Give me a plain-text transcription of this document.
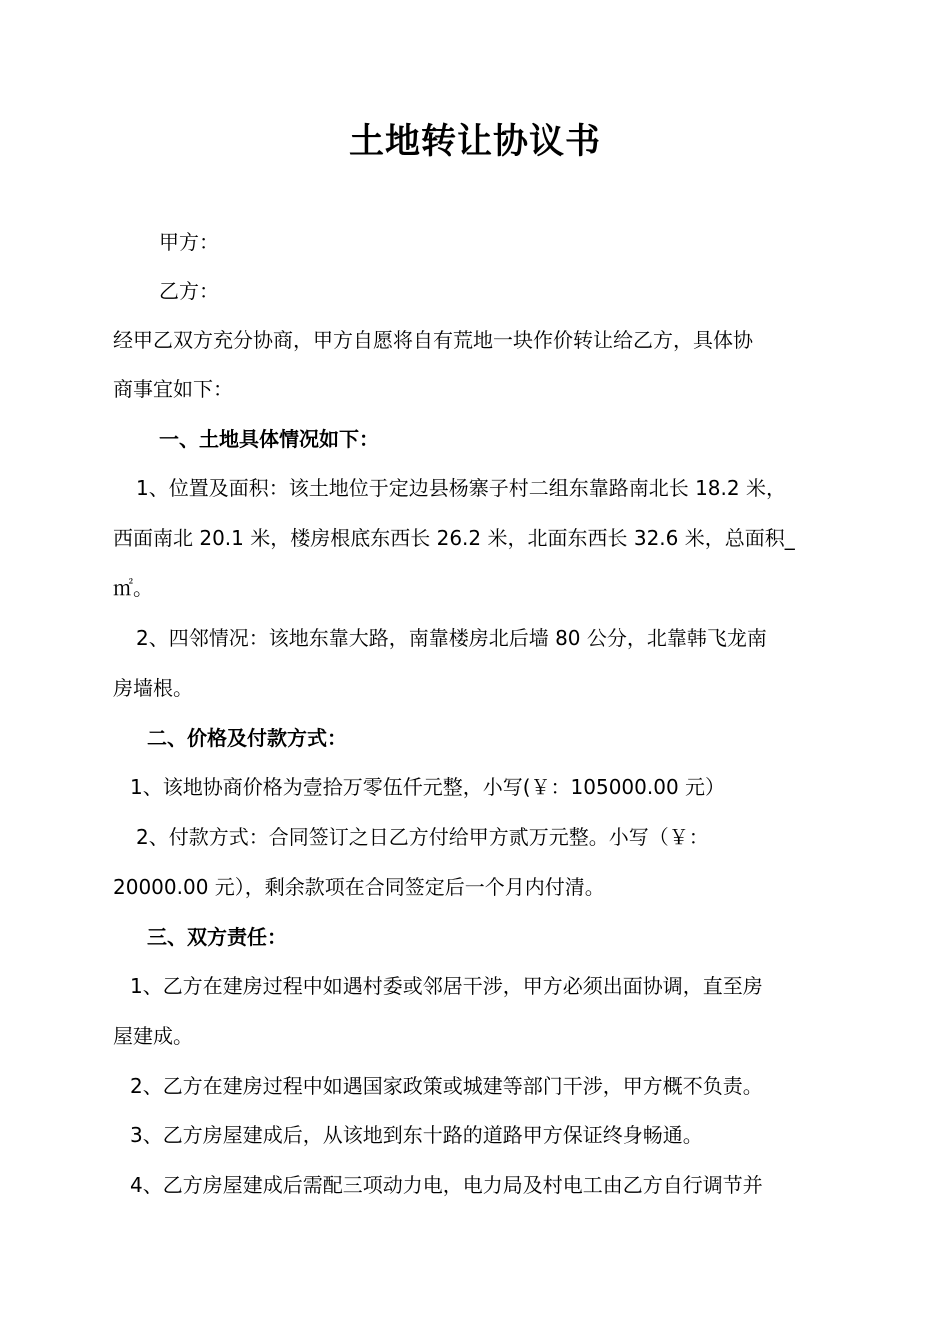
土地转让协议书
甲方：
乙方：
经甲乙双方充分协商，甲方自愿将自有荒地一块作价转让给乙方，具体协
商事宜如下：
一、土地具体情况如下：
1、位置及面积：该土地位于定边县杨寨子村二组东靠路南北长 18.2 米，
西面南北 20.1 米，楼房根底东西长 26.2 米，北面东西长 32.6 米，总面积_
㎡。
2、四邻情况：该地东靠大路，南靠楼房北后墙 80 公分，北靠韩飞龙南
房墙根。
二、价格及付款方式：
1、该地协商价格为壹拾万零伍仟元整，小写(￥：105000.00 元）
2、付款方式：合同签订之日乙方付给甲方贰万元整。小写（￥：
20000.00 元），剩余款项在合同签定后一个月内付清。
三、双方责任：
1、乙方在建房过程中如遇村委或邻居干涉，甲方必须出面协调，直至房
屋建成。
2、乙方在建房过程中如遇国家政策或城建等部门干涉，甲方概不负责。
3、乙方房屋建成后，从该地到东十路的道路甲方保证终身畅通。
4、乙方房屋建成后需配三项动力电，电力局及村电工由乙方自行调节并
